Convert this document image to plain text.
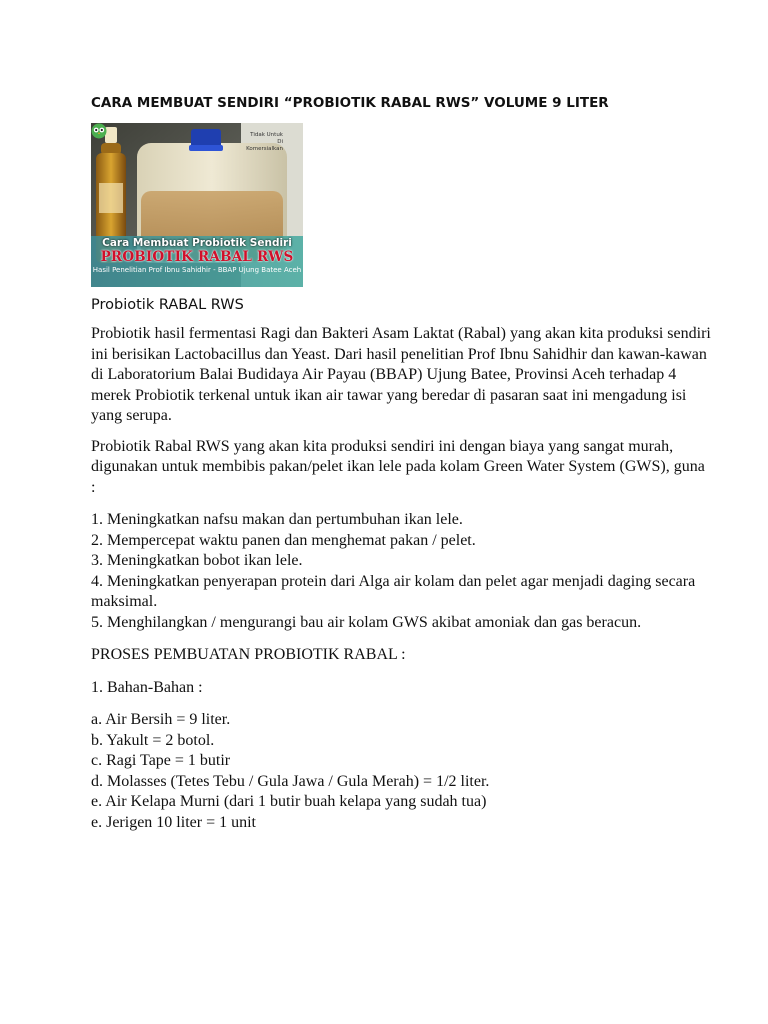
CARA MEMBUAT SENDIRI “PROBIOTIK RABAL RWS” VOLUME 9 LITER
Tidak Untuk
Di Komersialkan
Cara Membuat Probiotik Sendiri
PROBIOTIK RABAL RWS
Hasil Penelitian Prof Ibnu Sahidhir - BBAP Ujung Batee Aceh

Probiotik RABAL RWS

Probiotik hasil fermentasi Ragi dan Bakteri Asam Laktat (Rabal) yang akan kita produksi sendiri ini berisikan Lactobacillus dan Yeast. Dari hasil penelitian Prof Ibnu Sahidhir dan kawan-kawan di Laboratorium Balai Budidaya Air Payau (BBAP) Ujung Batee, Provinsi Aceh terhadap 4 merek Probiotik terkenal untuk ikan air tawar yang beredar di pasaran saat ini mengadung isi yang serupa.

Probiotik Rabal RWS yang akan kita produksi sendiri ini dengan biaya yang sangat murah, digunakan untuk membibis pakan/pelet ikan lele pada kolam Green Water System (GWS), guna :

1. Meningkatkan nafsu makan dan pertumbuhan ikan lele.
2. Mempercepat waktu panen dan menghemat pakan / pelet.
3. Meningkatkan bobot ikan lele.
4. Meningkatkan penyerapan protein dari Alga air kolam dan pelet agar menjadi daging secara maksimal.
5. Menghilangkan / mengurangi bau air kolam GWS akibat amoniak dan gas beracun.

PROSES PEMBUATAN PROBIOTIK RABAL :

1. Bahan-Bahan :

a. Air Bersih = 9 liter.
b. Yakult = 2 botol.
c. Ragi Tape = 1 butir
d. Molasses (Tetes Tebu / Gula Jawa / Gula Merah) = 1/2 liter.
e. Air Kelapa Murni (dari 1 butir buah kelapa yang sudah tua)
e. Jerigen 10 liter = 1 unit
